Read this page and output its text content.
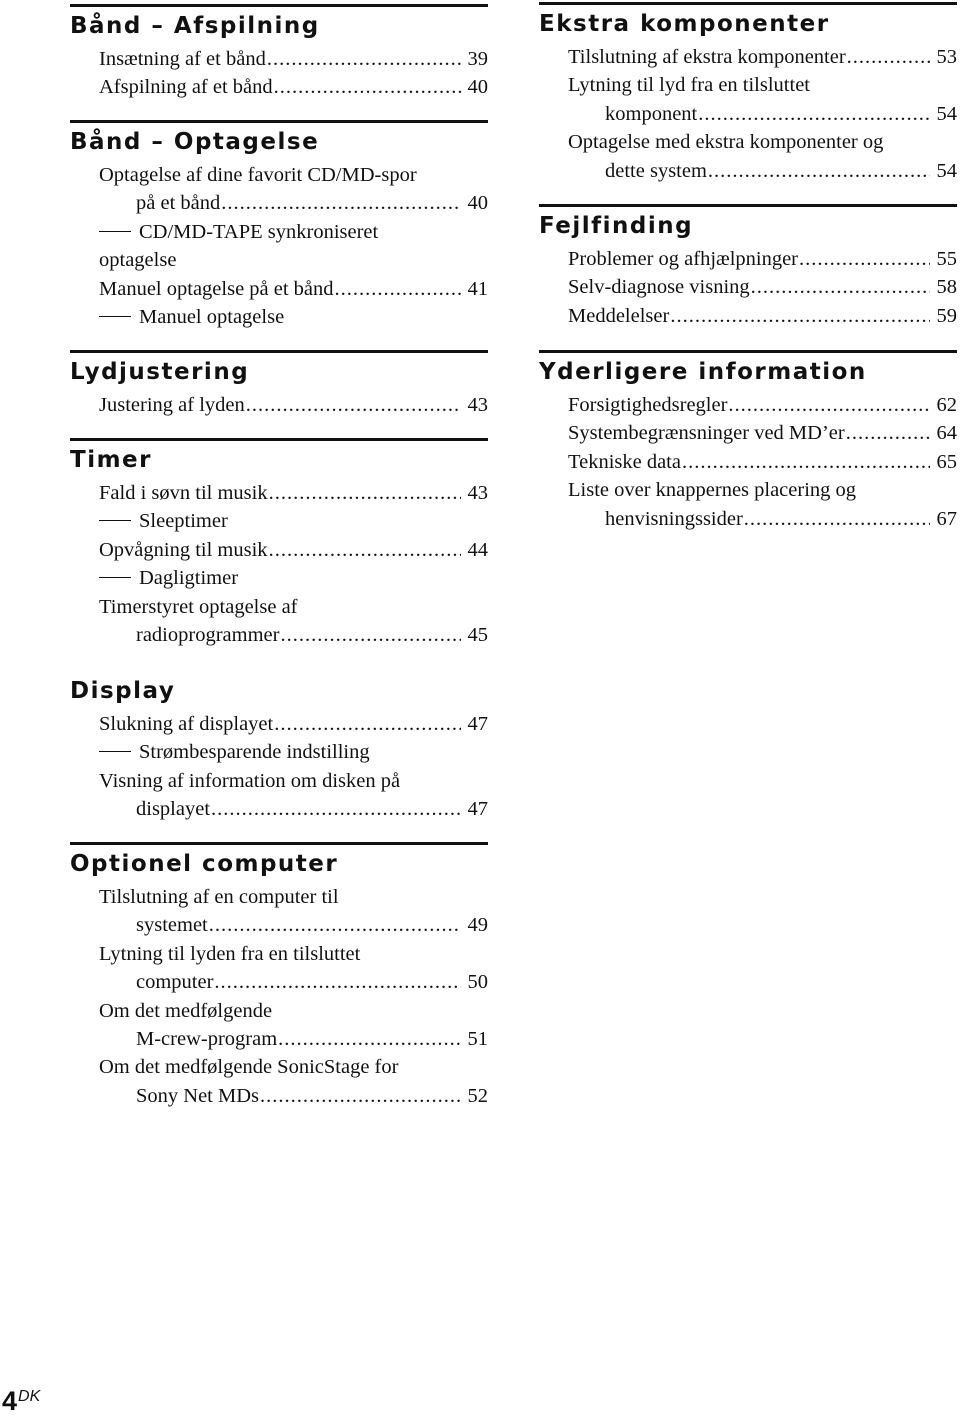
Bånd – Afspilning
Insætning af et bånd .....	39
Afspilning af et bånd .....	40
Bånd – Optagelse
Optagelse af dine favorit CD/MD-spor
på et bånd .....	40
CD/MD-TAPE synkroniseret
optagelse
Manuel optagelse på et bånd .....	41
Manuel optagelse
Lydjustering
Justering af lyden .....	43
Timer
Fald i søvn til musik .....	43
Sleeptimer
Opvågning til musik .....	44
Dagligtimer
Timerstyret optagelse af
radioprogrammer .....	45
Display
Slukning af displayet .....	47
Strømbesparende indstilling
Visning af information om disken på
displayet .....	47
Optionel computer
Tilslutning af en computer til
systemet .....	49
Lytning til lyden fra en tilsluttet
computer .....	50
Om det medfølgende
M-crew-program .....	51
Om det medfølgende SonicStage for
Sony Net MDs .....	52
Ekstra komponenter
Tilslutning af ekstra komponenter .....	53
Lytning til lyd fra en tilsluttet
komponent .....	54
Optagelse med ekstra komponenter og
dette system .....	54
Fejlfinding
Problemer og afhjælpninger .....	55
Selv-diagnose visning .....	58
Meddelelser .....	59
Yderligere information
Forsigtighedsregler .....	62
Systembegrænsninger ved MD’er .....	64
Tekniske data .....	65
Liste over knappernes placering og
henvisningssider .....	67
$4^{DK}$
